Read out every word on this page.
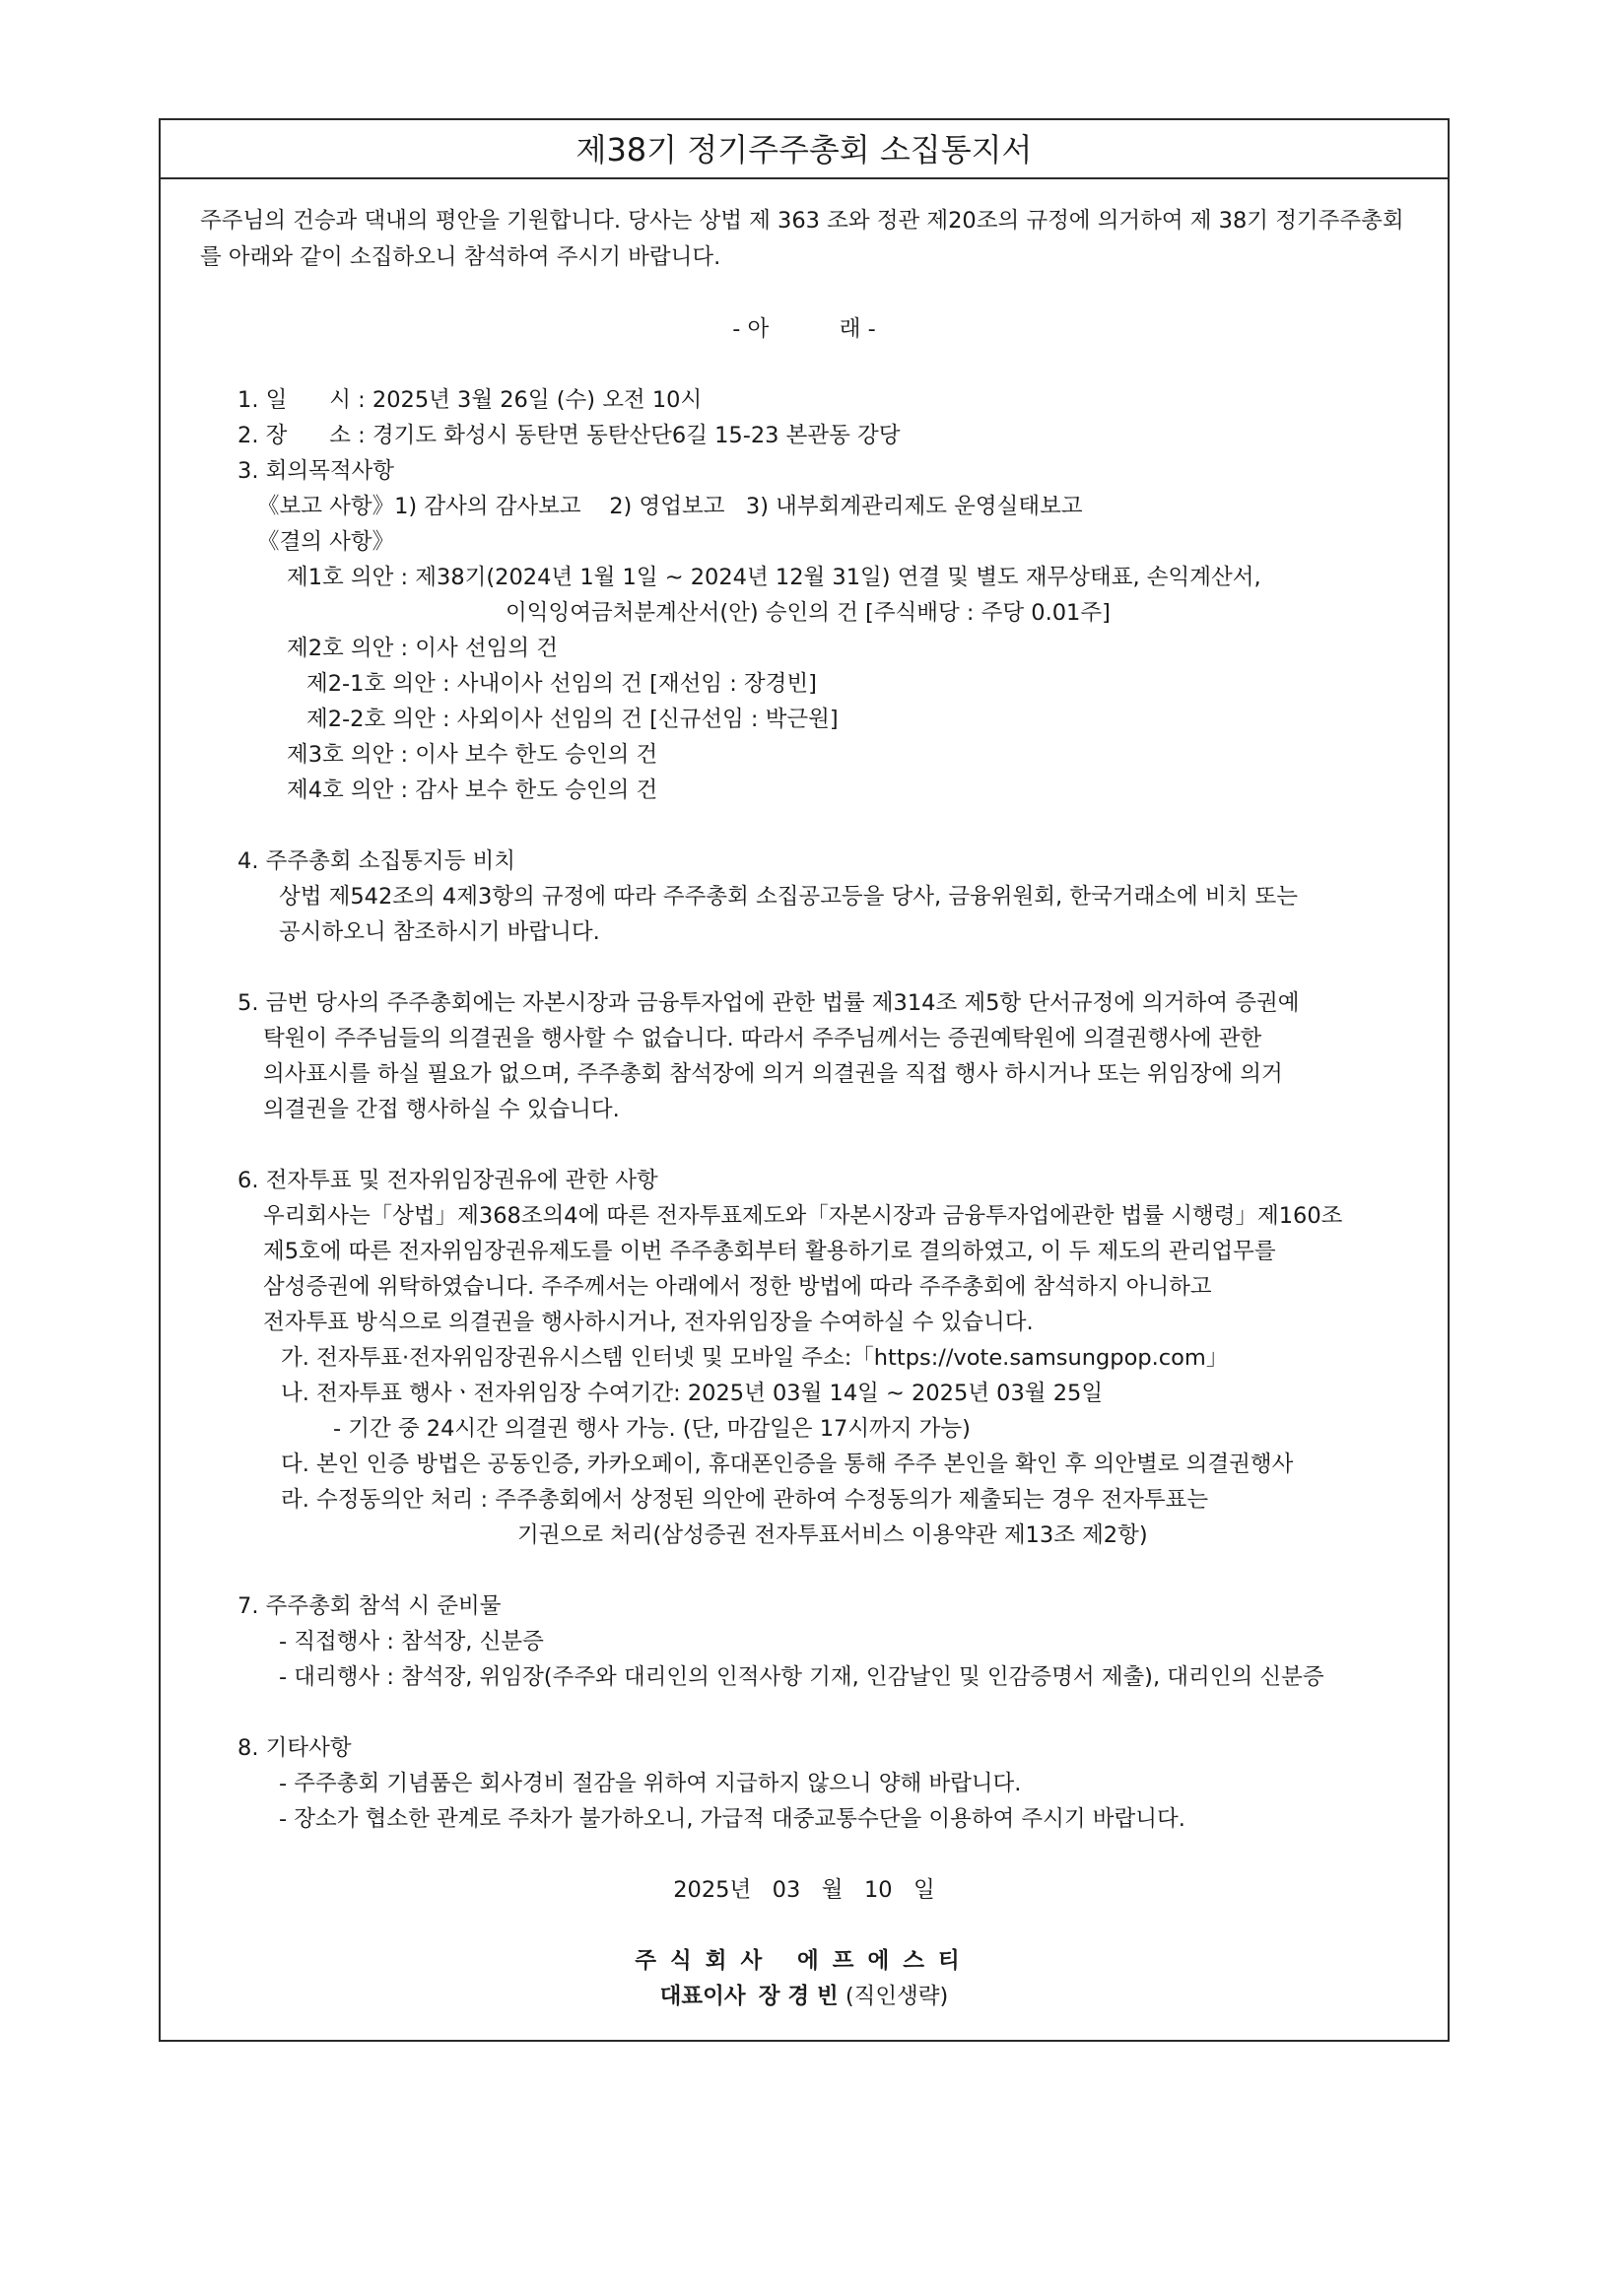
제38기 정기주주총회 소집통지서
주주님의 건승과 댁내의 평안을 기원합니다. 당사는 상법 제 363 조와 정관 제20조의 규정에 의거하여 제 38기 정기주주총회를 아래와 같이 소집하오니 참석하여 주시기 바랍니다.
- 아          래 -
1. 일      시 : 2025년 3월 26일 (수) 오전 10시
2. 장      소 : 경기도 화성시 동탄면 동탄산단6길 15-23 본관동 강당
3. 회의목적사항
《보고 사항》1) 감사의 감사보고    2) 영업보고   3) 내부회계관리제도 운영실태보고
《결의 사항》
제1호 의안 : 제38기(2024년 1월 1일 ~ 2024년 12월 31일) 연결 및 별도 재무상태표, 손익계산서,
이익잉여금처분계산서(안) 승인의 건 [주식배당 : 주당 0.01주]
제2호 의안 : 이사 선임의 건
제2-1호 의안 : 사내이사 선임의 건 [재선임 : 장경빈]
제2-2호 의안 : 사외이사 선임의 건 [신규선임 : 박근원]
제3호 의안 : 이사 보수 한도 승인의 건
제4호 의안 : 감사 보수 한도 승인의 건
4. 주주총회 소집통지등 비치
상법 제542조의 4제3항의 규정에 따라 주주총회 소집공고등을 당사, 금융위원회, 한국거래소에 비치 또는
공시하오니 참조하시기 바랍니다.
5. 금번 당사의 주주총회에는 자본시장과 금융투자업에 관한 법률 제314조 제5항 단서규정에 의거하여 증권예
탁원이 주주님들의 의결권을 행사할 수 없습니다. 따라서 주주님께서는 증권예탁원에 의결권행사에 관한
의사표시를 하실 필요가 없으며, 주주총회 참석장에 의거 의결권을 직접 행사 하시거나 또는 위임장에 의거
의결권을 간접 행사하실 수 있습니다.
6. 전자투표 및 전자위임장권유에 관한 사항
우리회사는「상법」제368조의4에 따른 전자투표제도와「자본시장과 금융투자업에관한 법률 시행령」제160조
제5호에 따른 전자위임장권유제도를 이번 주주총회부터 활용하기로 결의하였고, 이 두 제도의 관리업무를
삼성증권에 위탁하였습니다. 주주께서는 아래에서 정한 방법에 따라 주주총회에 참석하지 아니하고
전자투표 방식으로 의결권을 행사하시거나, 전자위임장을 수여하실 수 있습니다.
가. 전자투표·전자위임장권유시스템 인터넷 및 모바일 주소:「https://vote.samsungpop.com」
나. 전자투표 행사ㆍ전자위임장 수여기간: 2025년 03월 14일 ~ 2025년 03월 25일
- 기간 중 24시간 의결권 행사 가능. (단, 마감일은 17시까지 가능)
다. 본인 인증 방법은 공동인증, 카카오페이, 휴대폰인증을 통해 주주 본인을 확인 후 의안별로 의결권행사
라. 수정동의안 처리 : 주주총회에서 상정된 의안에 관하여 수정동의가 제출되는 경우 전자투표는
기권으로 처리(삼성증권 전자투표서비스 이용약관 제13조 제2항)
7. 주주총회 참석 시 준비물
- 직접행사 : 참석장, 신분증
- 대리행사 : 참석장, 위임장(주주와 대리인의 인적사항 기재, 인감날인 및 인감증명서 제출), 대리인의 신분증
8. 기타사항
- 주주총회 기념품은 회사경비 절감을 위하여 지급하지 않으니 양해 바랍니다.
- 장소가 협소한 관계로 주차가 불가하오니, 가급적 대중교통수단을 이용하여 주시기 바랍니다.
2025년   03   월   10   일
주식회사 에프에스티
대표이사 장 경 빈 (직인생략)
